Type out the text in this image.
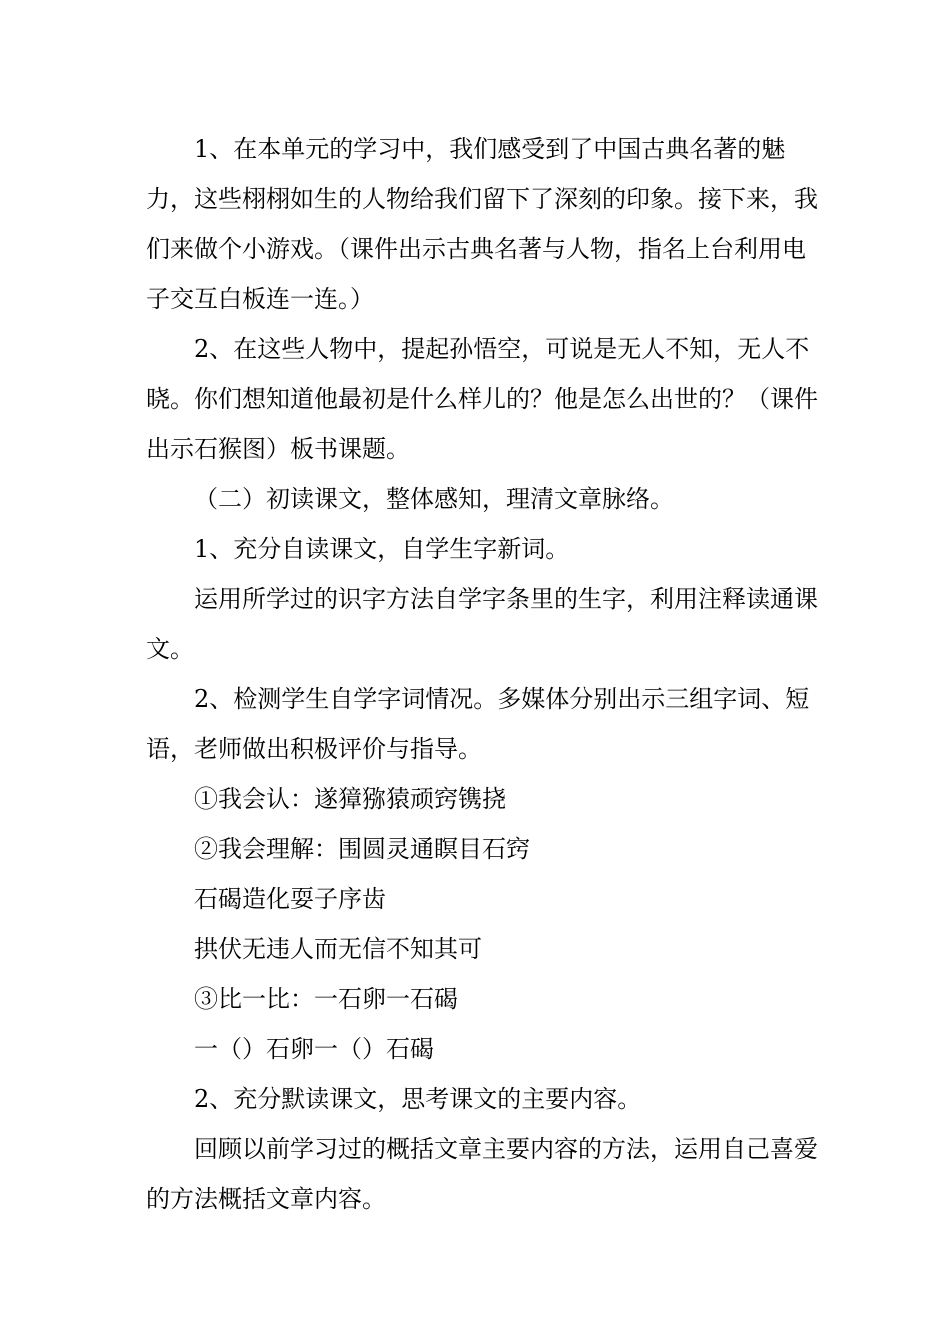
1、在本单元的学习中，我们感受到了中国古典名著的魅力，这些栩栩如生的人物给我们留下了深刻的印象。接下来，我们来做个小游戏。（课件出示古典名著与人物，指名上台利用电子交互白板连一连。）

2、在这些人物中，提起孙悟空，可说是无人不知，无人不晓。你们想知道他最初是什么样儿的？他是怎么出世的？（课件出示石猴图）板书课题。

（二）初读课文，整体感知，理清文章脉络。

1、充分自读课文，自学生字新词。

运用所学过的识字方法自学字条里的生字，利用注释读通课文。

2、检测学生自学字词情况。多媒体分别出示三组字词、短语，老师做出积极评价与指导。

①我会认：遂獐猕猿顽窍镌挠

②我会理解：围圆灵通瞑目石窍

石碣造化耍子序齿

拱伏无违人而无信不知其可

③比一比：一石卵一石碣

一（）石卵一（）石碣

2、充分默读课文，思考课文的主要内容。

回顾以前学习过的概括文章主要内容的方法，运用自己喜爱的方法概括文章内容。
